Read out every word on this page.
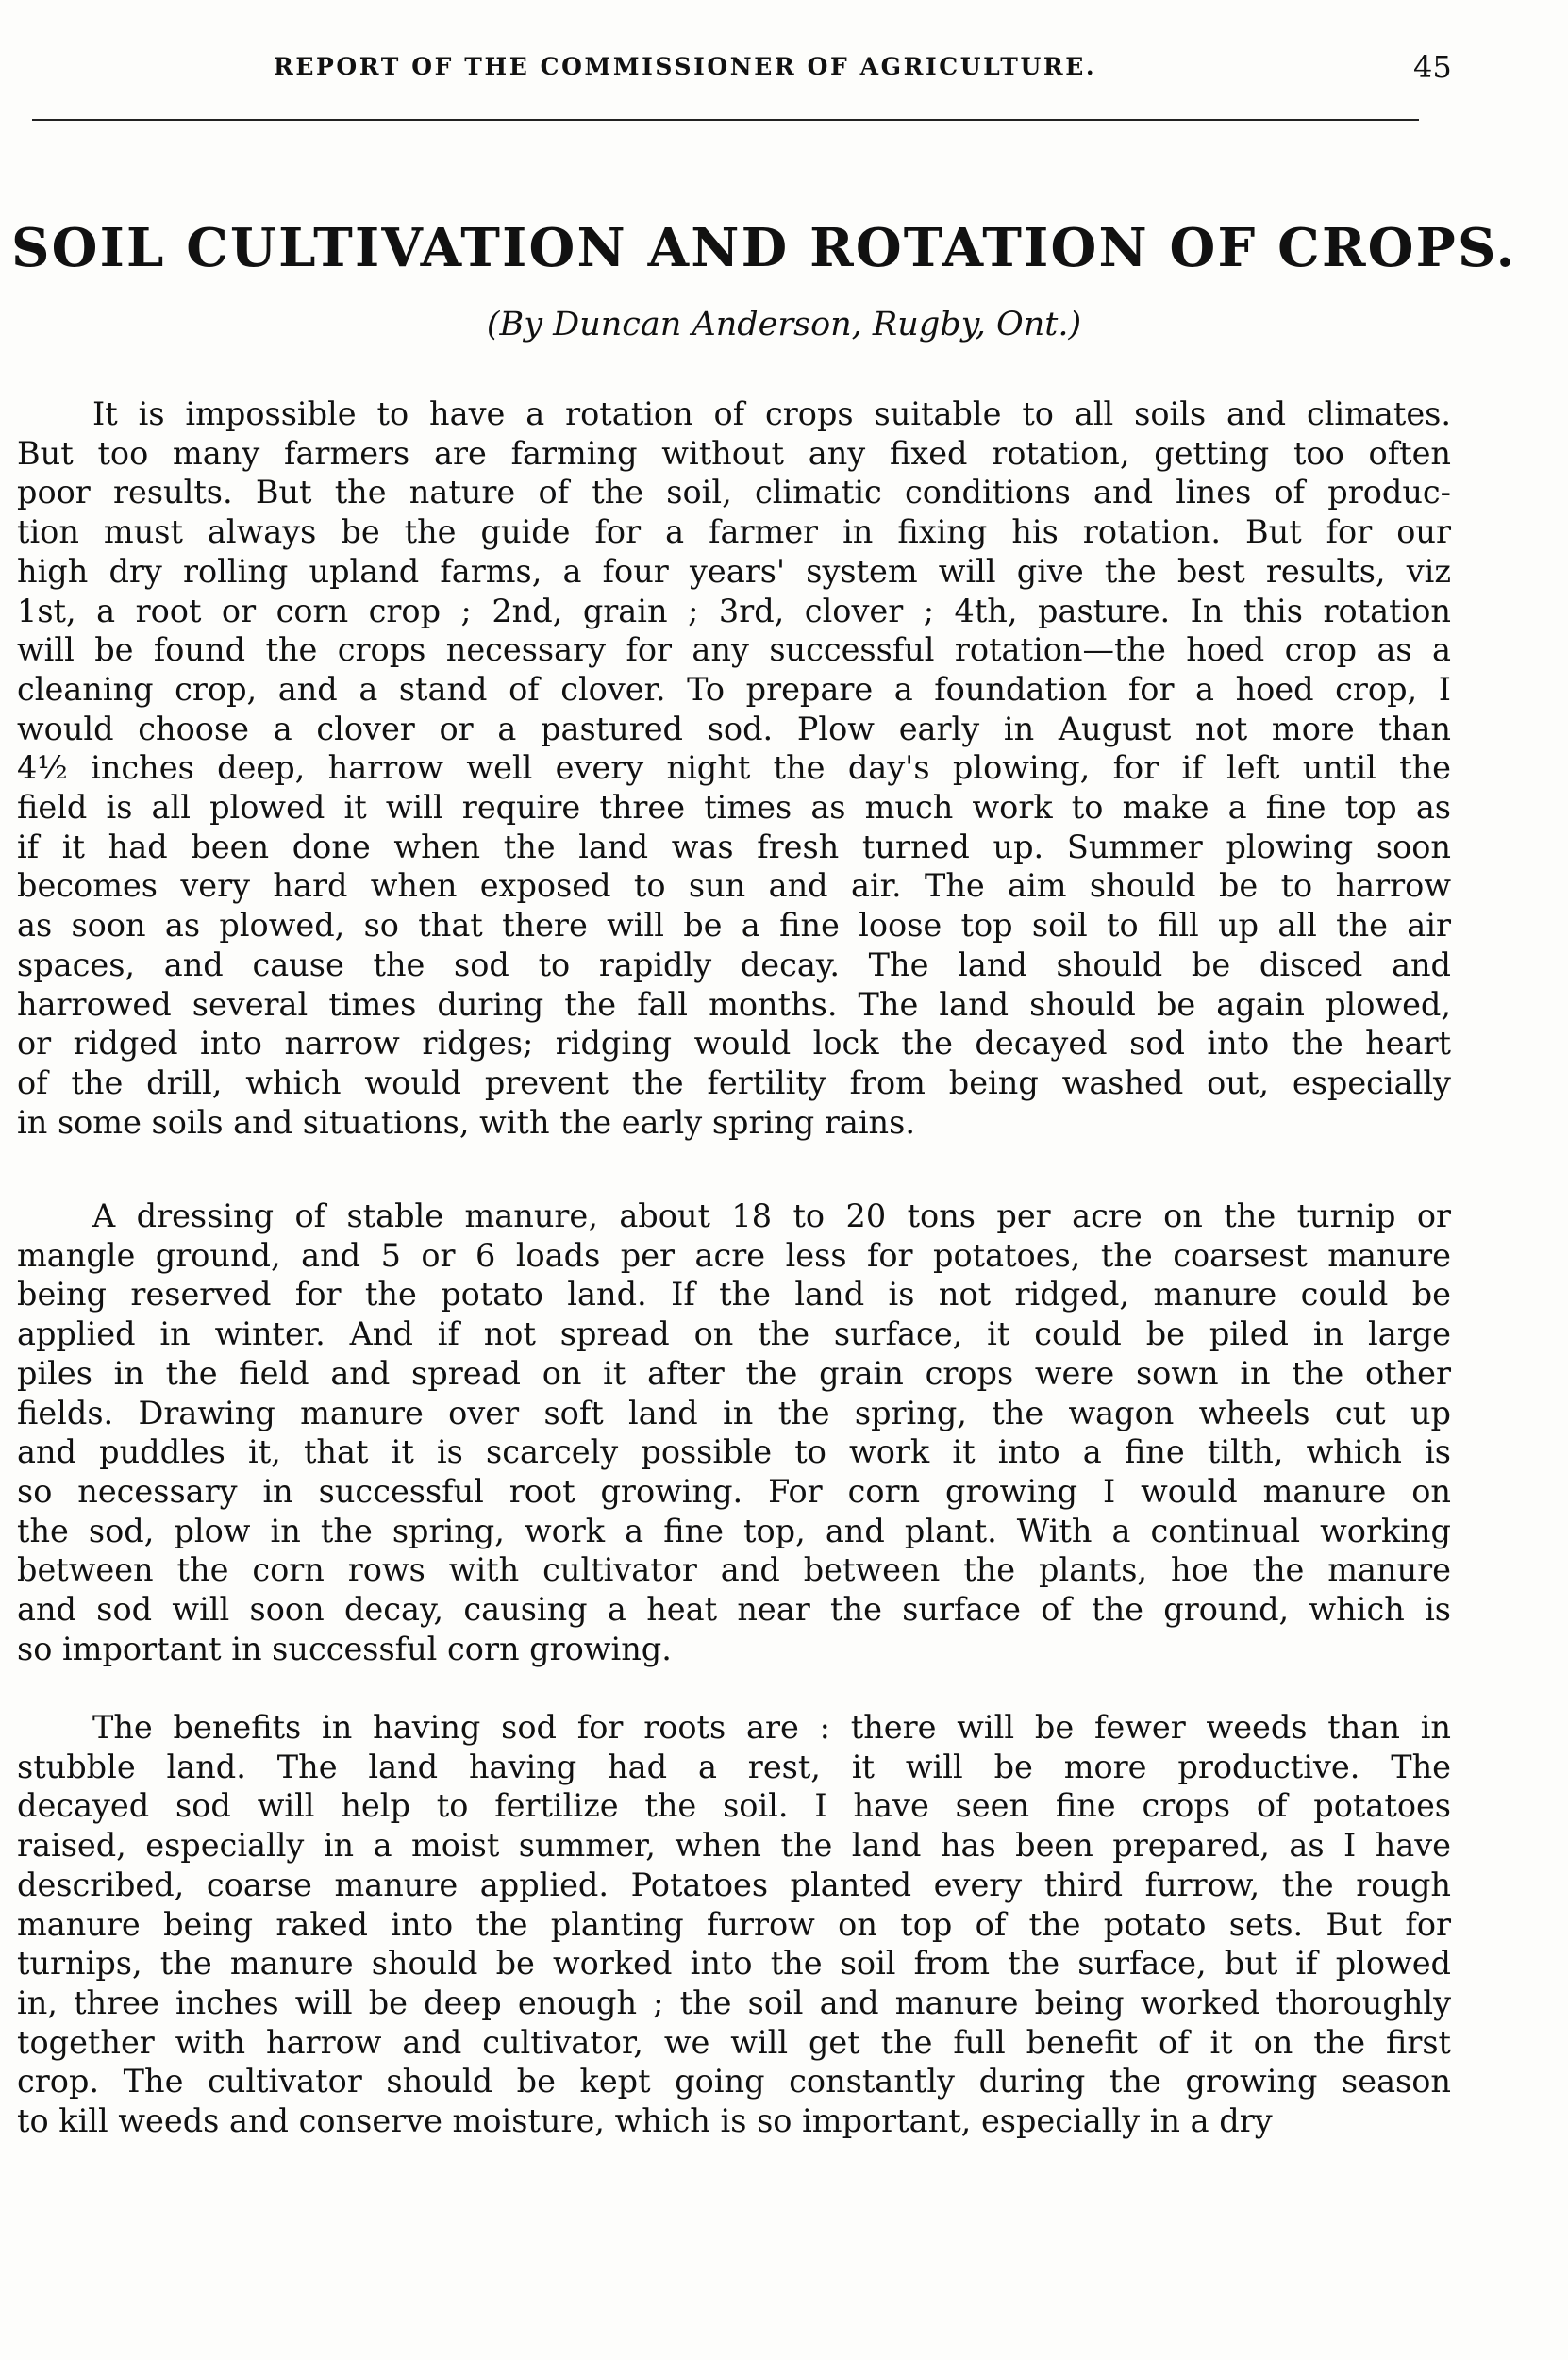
REPORT OF THE COMMISSIONER OF AGRICULTURE.	45
SOIL CULTIVATION AND ROTATION OF CROPS.
(By Duncan Anderson, Rugby, Ont.)
It is impossible to have a rotation of crops suitable to all soils and climates.
But too many farmers are farming without any fixed rotation, getting too often
poor results. But the nature of the soil, climatic conditions and lines of produc-
tion must always be the guide for a farmer in fixing his rotation. But for our
high dry rolling upland farms, a four years' system will give the best results, viz
1st, a root or corn crop ; 2nd, grain ; 3rd, clover ; 4th, pasture. In this rotation
will be found the crops necessary for any successful rotation—the hoed crop as a
cleaning crop, and a stand of clover. To prepare a foundation for a hoed crop, I
would choose a clover or a pastured sod. Plow early in August not more than
4½ inches deep, harrow well every night the day's plowing, for if left until the
field is all plowed it will require three times as much work to make a fine top as
if it had been done when the land was fresh turned up. Summer plowing soon
becomes very hard when exposed to sun and air. The aim should be to harrow
as soon as plowed, so that there will be a fine loose top soil to fill up all the air
spaces, and cause the sod to rapidly decay. The land should be disced and
harrowed several times during the fall months. The land should be again plowed,
or ridged into narrow ridges; ridging would lock the decayed sod into the heart
of the drill, which would prevent the fertility from being washed out, especially
in some soils and situations, with the early spring rains.
A dressing of stable manure, about 18 to 20 tons per acre on the turnip or
mangle ground, and 5 or 6 loads per acre less for potatoes, the coarsest manure
being reserved for the potato land. If the land is not ridged, manure could be
applied in winter. And if not spread on the surface, it could be piled in large
piles in the field and spread on it after the grain crops were sown in the other
fields. Drawing manure over soft land in the spring, the wagon wheels cut up
and puddles it, that it is scarcely possible to work it into a fine tilth, which is
so necessary in successful root growing. For corn growing I would manure on
the sod, plow in the spring, work a fine top, and plant. With a continual working
between the corn rows with cultivator and between the plants, hoe the manure
and sod will soon decay, causing a heat near the surface of the ground, which is
so important in successful corn growing.
The benefits in having sod for roots are : there will be fewer weeds than in
stubble land. The land having had a rest, it will be more productive. The
decayed sod will help to fertilize the soil. I have seen fine crops of potatoes
raised, especially in a moist summer, when the land has been prepared, as I have
described, coarse manure applied. Potatoes planted every third furrow, the rough
manure being raked into the planting furrow on top of the potato sets. But for
turnips, the manure should be worked into the soil from the surface, but if plowed
in, three inches will be deep enough ; the soil and manure being worked thoroughly
together with harrow and cultivator, we will get the full benefit of it on the first
crop. The cultivator should be kept going constantly during the growing season
to kill weeds and conserve moisture, which is so important, especially in a dry
